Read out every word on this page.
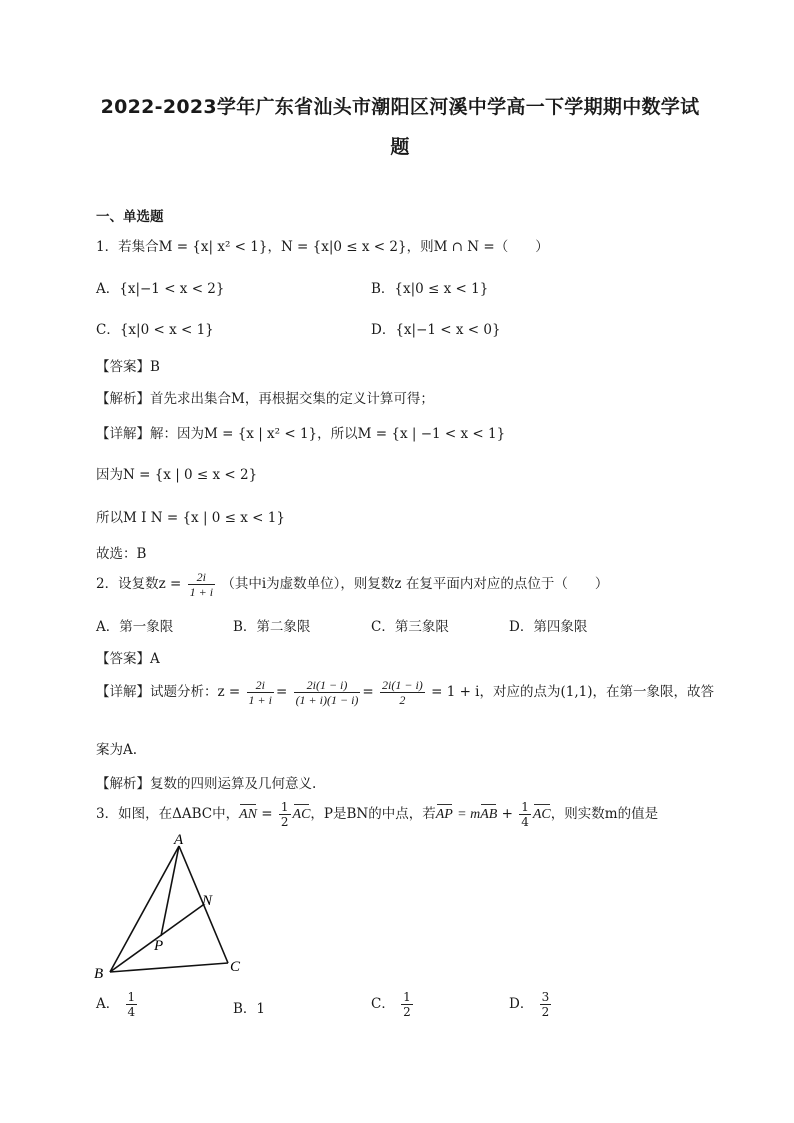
2022-2023学年广东省汕头市潮阳区河溪中学高一下学期期中数学试
题
一、单选题
1．若集合M = {x| x² < 1}，N = {x|0 ≤ x < 2}，则M ∩ N =（　　）
A．{x|−1 < x < 2}	B．{x|0 ≤ x < 1}
C．{x|0 < x < 1}	D．{x|−1 < x < 0}
【答案】B
【解析】首先求出集合M，再根据交集的定义计算可得；
【详解】解：因为M = {x | x² < 1}，所以M = {x | −1 < x < 1}
因为N = {x | 0 ≤ x < 2}
所以M I N = {x | 0 ≤ x < 1}
故选：B
2．设复数$z = \frac{2i}{1 + i}$ （其中i为虚数单位），则复数z 在复平面内对应的点位于（　　）
A．第一象限	B．第二象限	C．第三象限	D．第四象限
【答案】A
【详解】试题分析：$z = \frac{2i}{1 + i} = \frac{2i(1 - i)}{(1 + i)(1 - i)} = \frac{2i(1 - i)}{2} = 1 + i$，对应的点为(1,1)，在第一象限，故答
案为A.
【解析】复数的四则运算及几何意义.
3．如图，在ΔABC中，AN = $\frac{1}{2}$ AC，P是BN的中点，若AP = mAB + $\frac{1}{4}$ AC，则实数m的值是
A
B	C
N
P
A． $\frac{1}{4}$	B．1	C． $\frac{1}{2}$	D． $\frac{3}{2}$
